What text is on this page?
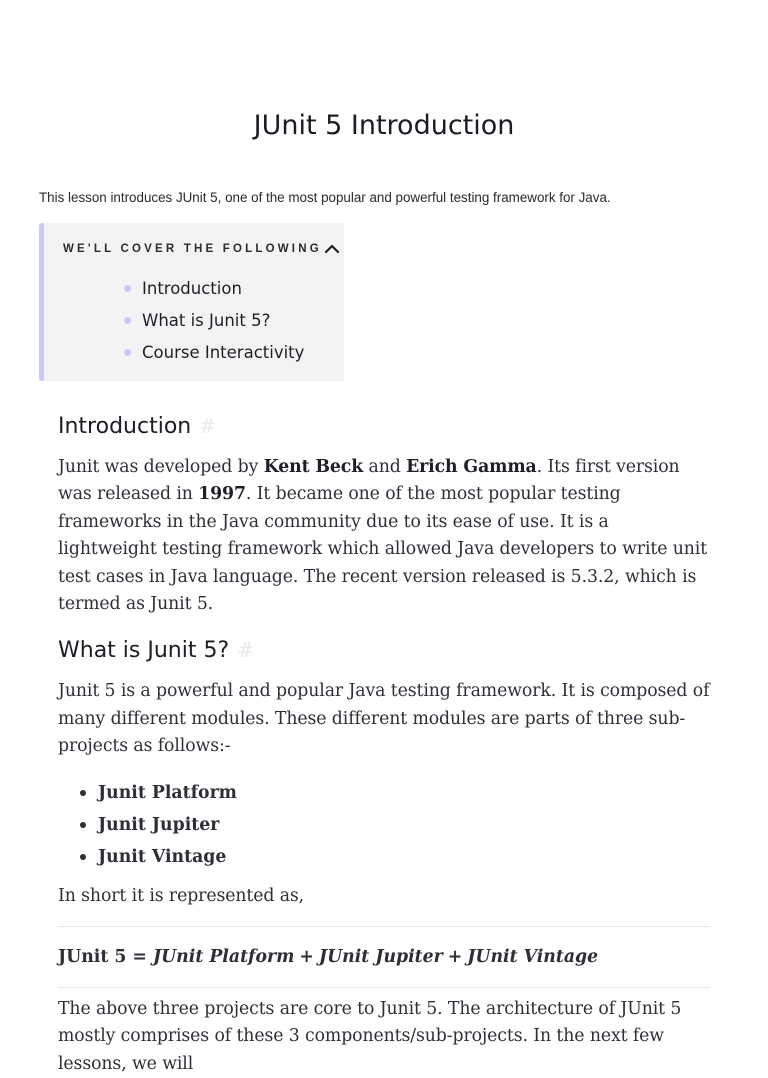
JUnit 5 Introduction

This lesson introduces JUnit 5, one of the most popular and powerful testing framework for Java.

WE'LL COVER THE FOLLOWING
Introduction
What is Junit 5?
Course Interactivity
Introduction #

Junit was developed by Kent Beck and Erich Gamma. Its first version was released in 1997. It became one of the most popular testing frameworks in the Java community due to its ease of use. It is a lightweight testing framework which allowed Java developers to write unit test cases in Java language. The recent version released is 5.3.2, which is termed as Junit 5.

What is Junit 5? #

Junit 5 is a powerful and popular Java testing framework. It is composed of many different modules. These different modules are parts of three sub-projects as follows:-

Junit Platform
Junit Jupiter
Junit Vintage

In short it is represented as,

JUnit 5 =
JUnit Platform + JUnit Jupiter + JUnit Vintage

The above three projects are core to Junit 5. The architecture of JUnit 5 mostly comprises of these 3 components/sub-projects. In the next few lessons, we will
